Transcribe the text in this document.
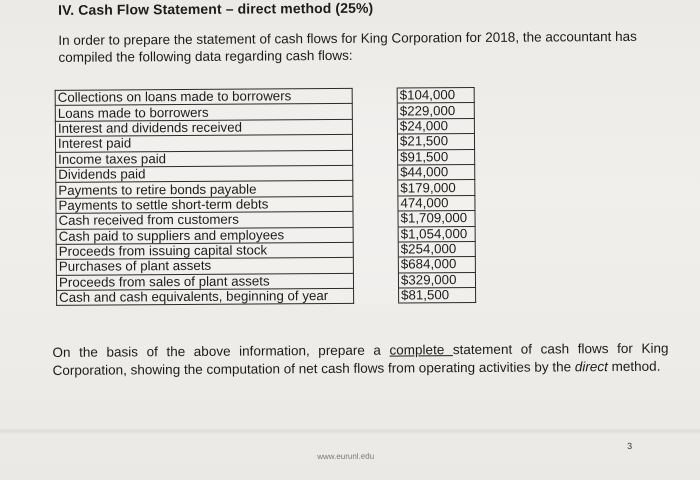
IV. Cash Flow Statement – direct method (25%)
In order to prepare the statement of cash flows for King Corporation for 2018, the accountant has compiled the following data regarding cash flows:
Collections on loans made to borrowers		$104,000
Loans made to borrowers		$229,000
Interest and dividends received		$24,000
Interest paid		$21,500
Income taxes paid		$91,500
Dividends paid		$44,000
Payments to retire bonds payable		$179,000
Payments to settle short-term debts		474,000
Cash received from customers		$1,709,000
Cash paid to suppliers and employees		$1,054,000
Proceeds from issuing capital stock		$254,000
Purchases of plant assets		$684,000
Proceeds from sales of plant assets		$329,000
Cash and cash equivalents, beginning of year		$81,500
On the basis of the above information, prepare a complete statement of cash flows for King Corporation, showing the computation of net cash flows from operating activities by the direct method.
www.eurunl.edu
3
